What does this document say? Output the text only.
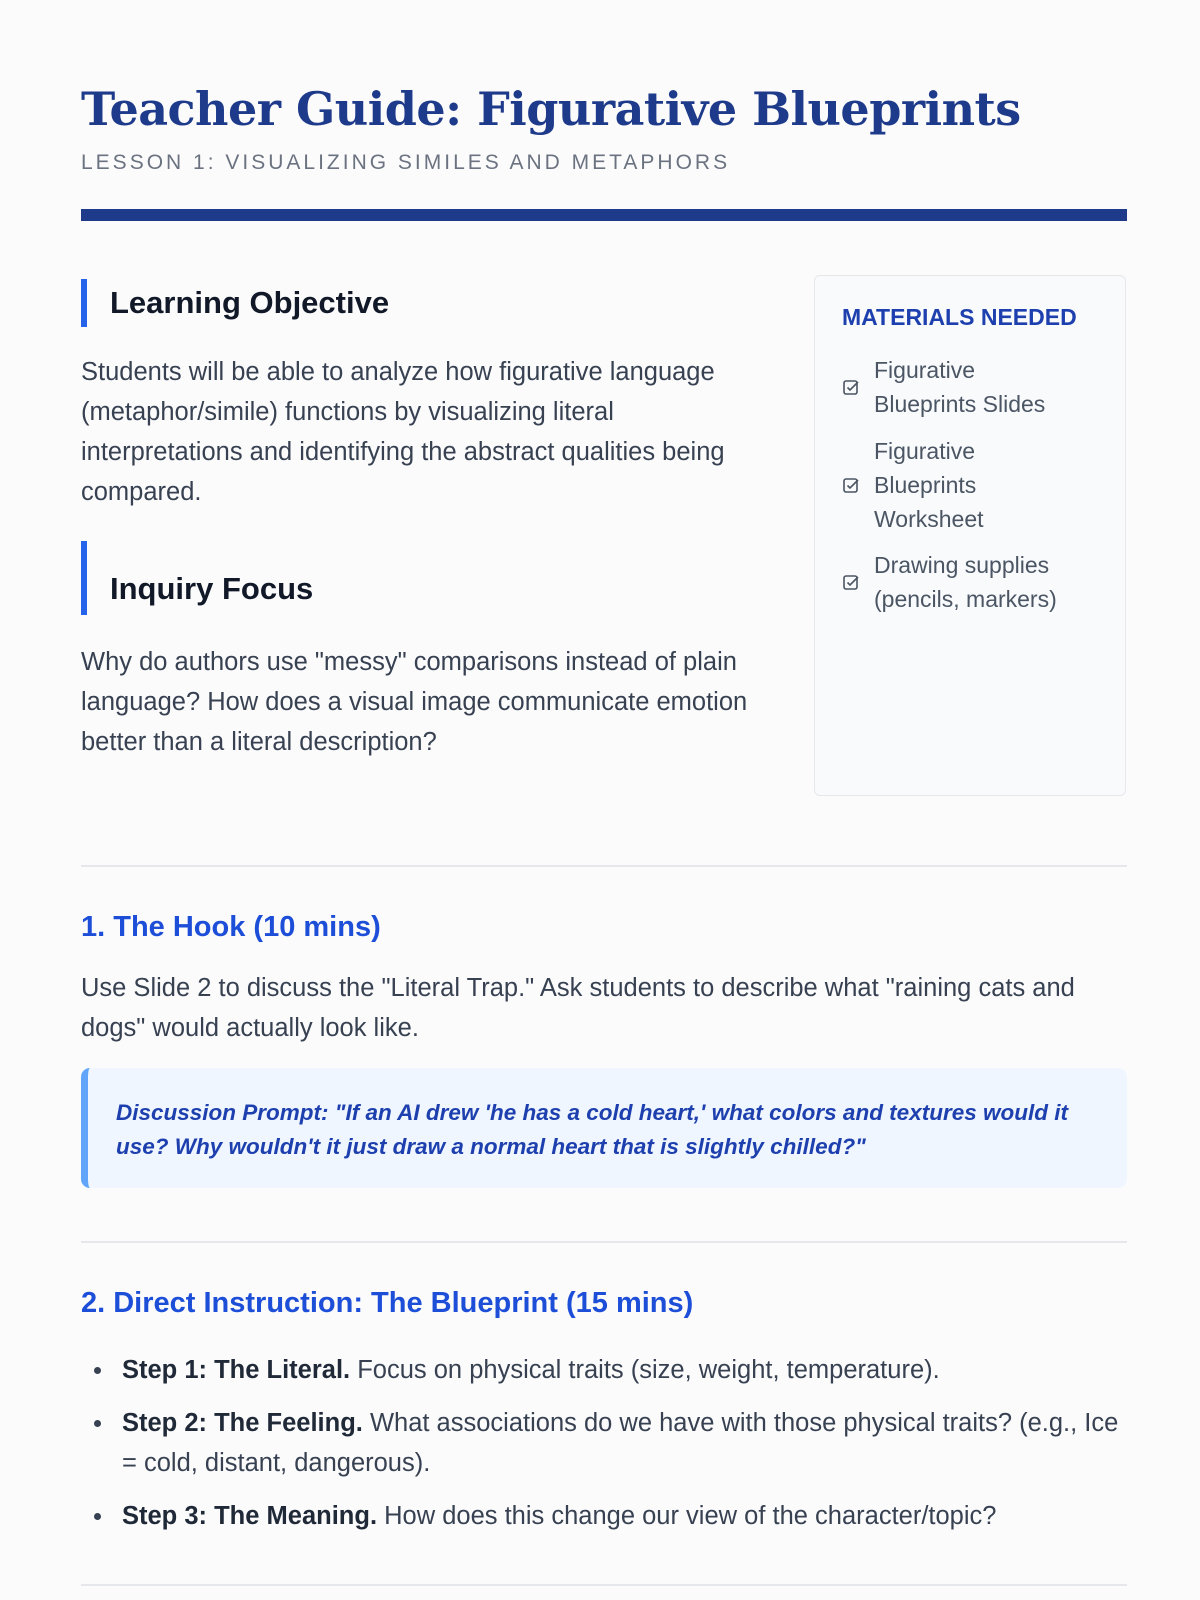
Teacher Guide: Figurative Blueprints
LESSON 1: VISUALIZING SIMILES AND METAPHORS
Learning Objective
Students will be able to analyze how figurative language (metaphor/simile) functions by visualizing literal interpretations and identifying the abstract qualities being compared.
Inquiry Focus
Why do authors use "messy" comparisons instead of plain language? How does a visual image communicate emotion better than a literal description?
MATERIALS NEEDED
Figurative Blueprints Slides
Figurative Blueprints Worksheet
Drawing supplies (pencils, markers)
1. The Hook (10 mins)
Use Slide 2 to discuss the "Literal Trap." Ask students to describe what "raining cats and dogs" would actually look like.
Discussion Prompt: "If an AI drew 'he has a cold heart,' what colors and textures would it use? Why wouldn't it just draw a normal heart that is slightly chilled?"
2. Direct Instruction: The Blueprint (15 mins)
Step 1: The Literal. Focus on physical traits (size, weight, temperature).
Step 2: The Feeling. What associations do we have with those physical traits? (e.g., Ice = cold, distant, dangerous).
Step 3: The Meaning. How does this change our view of the character/topic?
